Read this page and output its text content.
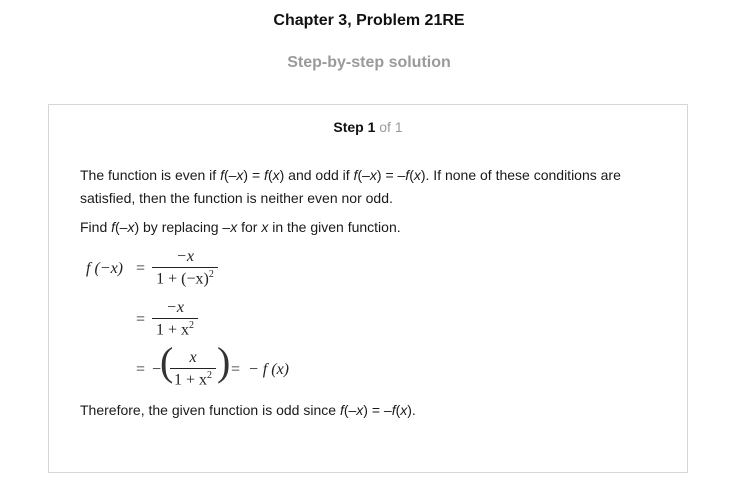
Chapter 3, Problem 21RE
Step-by-step solution
Step 1 of 1
The function is even if f(–x) = f(x) and odd if f(–x) = –f(x). If none of these conditions are satisfied, then the function is neither even nor odd.
Find f(–x) by replacing –x for x in the given function.
f $(-x) = \frac{-x}{1 + (-x)^2}$
= $\frac{-x}{1 + x^2}$
= −
(
$\frac{x}{1 + x^2}$ ) = − f (x)
Therefore, the given function is odd since f(–x) = –f(x).
